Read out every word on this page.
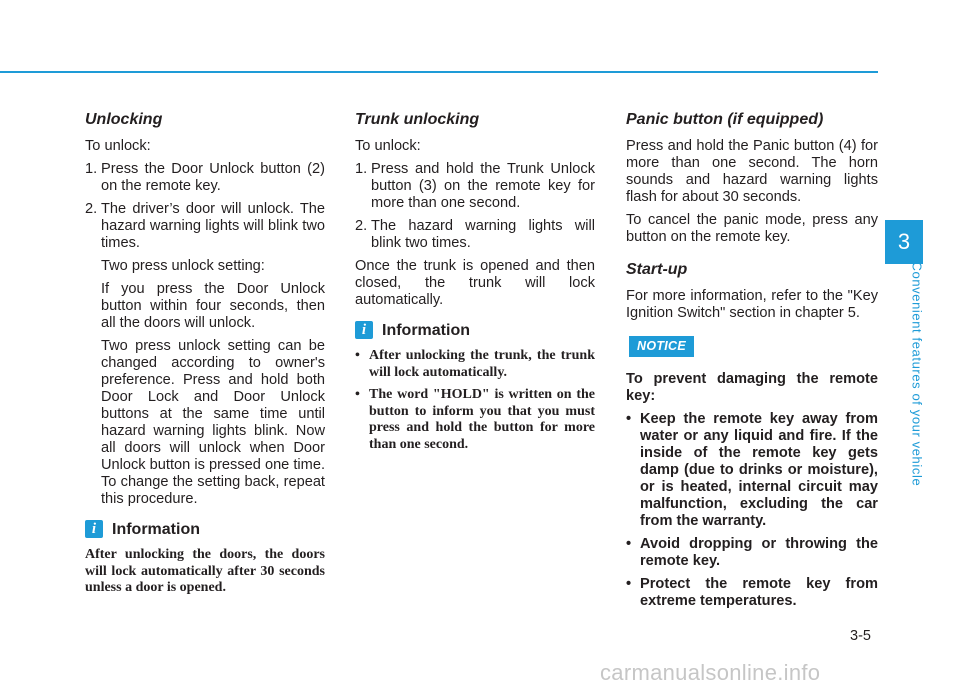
Unlocking

To unlock:

1. Press the Door Unlock button (2) on the remote key.
2. The driver’s door will unlock. The hazard warning lights will blink two times.

Two press unlock setting:

If you press the Door Unlock button within four seconds, then all the doors will unlock.

Two press unlock setting can be changed according to owner's preference. Press and hold both Door Lock and Door Unlock buttons at the same time until hazard warning lights blink. Now all doors will unlock when Door Unlock button is pressed one time. To change the setting back, repeat this procedure.

i Information

After unlocking the doors, the doors will lock automatically after 30 seconds unless a door is opened.

Trunk unlocking

To unlock:

1. Press and hold the Trunk Unlock button (3) on the remote key for more than one second.
2. The hazard warning lights will blink two times.

Once the trunk is opened and then closed, the trunk will lock automatically.

i Information
• After unlocking the trunk, the trunk will lock automatically.
• The word "HOLD" is written on the button to inform you that you must press and hold the button for more than one second.
Panic button (if equipped)

Press and hold the Panic button (4) for more than one second. The horn sounds and hazard warning lights flash for about 30 seconds.

To cancel the panic mode, press any button on the remote key.

Start-up

For more information, refer to the "Key Ignition Switch" section in chapter 5.

NOTICE

To prevent damaging the remote key:

• Keep the remote key away from water or any liquid and fire. If the inside of the remote key gets damp (due to drinks or moisture), or is heated, internal circuit may malfunction, excluding the car from the warranty.
• Avoid dropping or throwing the remote key.
• Protect the remote key from extreme temperatures.
3
Convenient features of your vehicle
3-5
carmanualsonline.info
